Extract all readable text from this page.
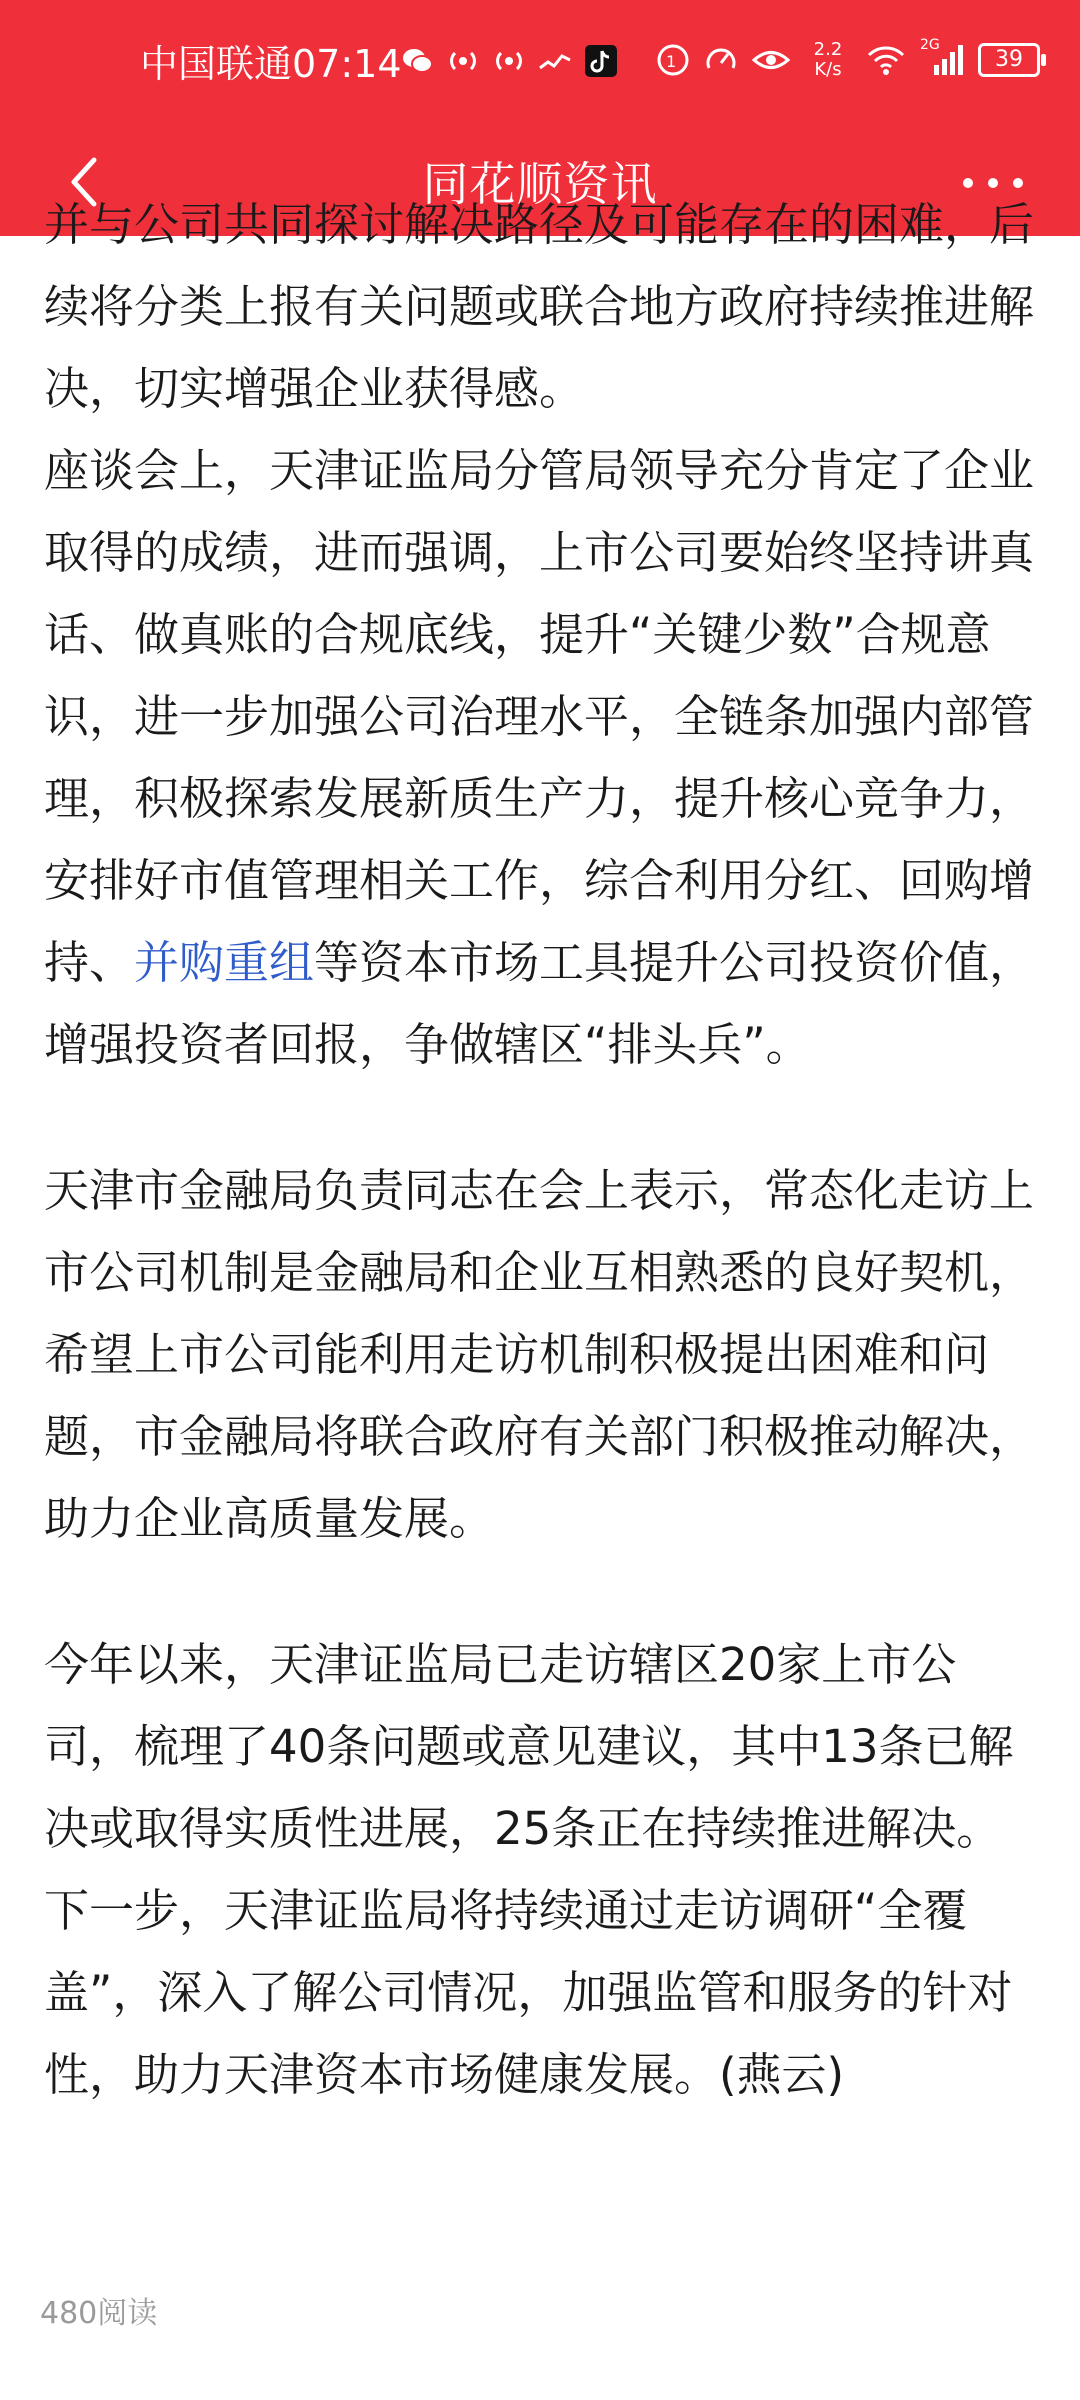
中国联通 07:14	1
2.2
K/s
2G
39
同花顺资讯

并与公司共同探讨解决路径及可能存在的困难，后续将分类上报有关问题或联合地方政府持续推进解决，切实增强企业获得感。

座谈会上，天津证监局分管局领导充分肯定了企业取得的成绩，进而强调，上市公司要始终坚持讲真话、做真账的合规底线，提升“关键少数”合规意识，进一步加强公司治理水平，全链条加强内部管理，积极探索发展新质生产力，提升核心竞争力，安排好市值管理相关工作，综合利用分红、回购增持、并购重组等资本市场工具提升公司投资价值，增强投资者回报，争做辖区“排头兵”。

天津市金融局负责同志在会上表示，常态化走访上市公司机制是金融局和企业互相熟悉的良好契机，希望上市公司能利用走访机制积极提出困难和问题，市金融局将联合政府有关部门积极推动解决，助力企业高质量发展。

今年以来，天津证监局已走访辖区20家上市公司，梳理了40条问题或意见建议，其中13条已解决或取得实质性进展，25条正在持续推进解决。下一步，天津证监局将持续通过走访调研“全覆盖”，深入了解公司情况，加强监管和服务的针对性，助力天津资本市场健康发展。(燕云)

480阅读
